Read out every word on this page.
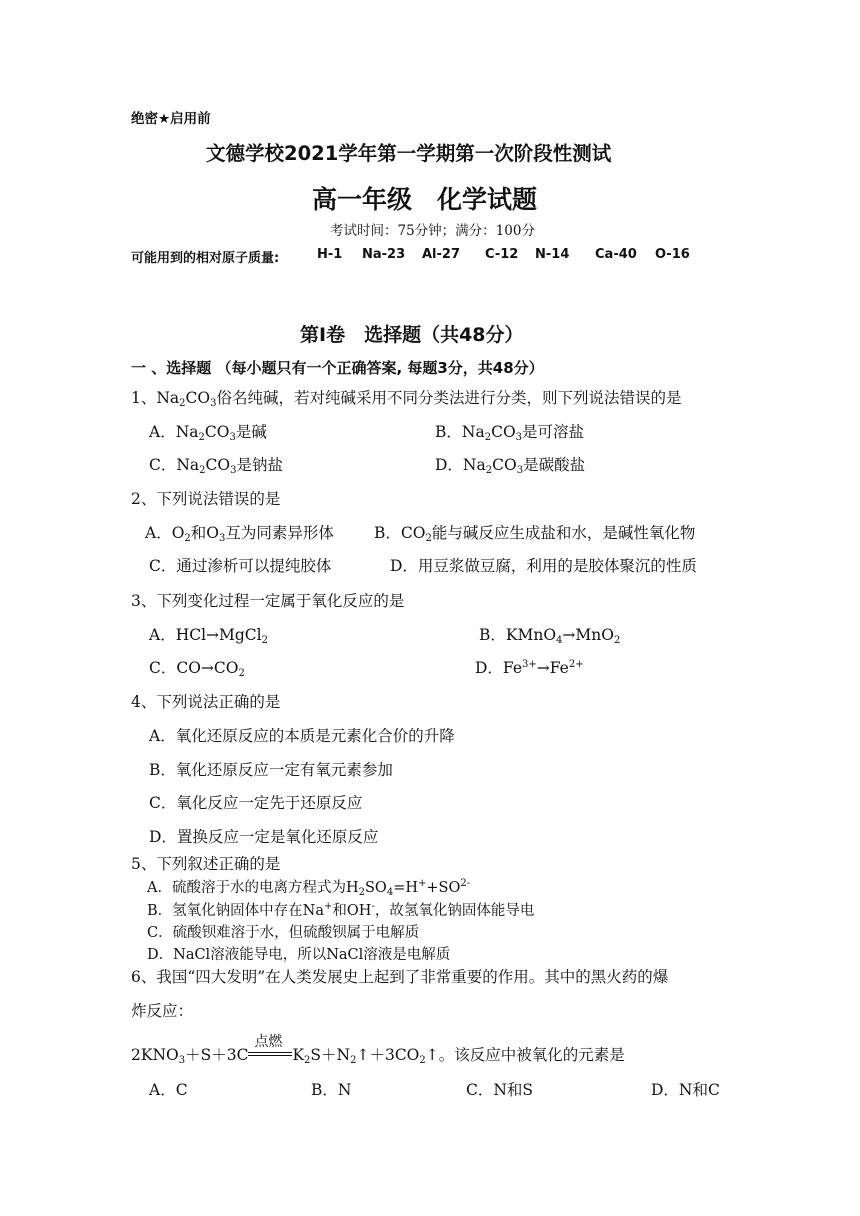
绝密★启用前
文德学校2021学年第一学期第一次阶段性测试
高一年级　化学试题
考试时间：75分钟；满分：100分
可能用到的相对原子质量:	H-1 Na-23 Al-27 C-12 N-14 Ca-40 O-16
第I卷　选择题（共48分）
一 、选择题 （每小题只有一个正确答案, 每题3分，共48分）
1、$Na_2CO_3$俗名纯碱，若对纯碱采用不同分类法进行分类，则下列说法错误的是
A．$Na_2CO_3$是碱	B．$Na_2CO_3$是可溶盐
C．$Na_2CO_3$是钠盐	D．$Na_2CO_3$是碳酸盐
2、下列说法错误的是
A．$O_2$和$O_3$互为同素异形体	B．$CO_2$能与碱反应生成盐和水，是碱性氧化物
C．通过渗析可以提纯胶体	D．用豆浆做豆腐，利用的是胶体聚沉的性质
3、下列变化过程一定属于氧化反应的是
A．HCl→MgCl$_2$	B．KMnO$_4$→MnO$_2$
C．$CO\to CO_2$	D．$Fe^{3+}\to Fe^{2+}$
4、下列说法正确的是
A．氧化还原反应的本质是元素化合价的升降
B．氧化还原反应一定有氧元素参加
C．氧化反应一定先于还原反应
D．置换反应一定是氧化还原反应
5、下列叙述正确的是
A．硫酸溶于水的电离方程式为$H_2SO_4=H^++SO^{2-}$
B．氢氧化钠固体中存在Na+和OH-，故氢氧化钠固体能导电
C．硫酸钡难溶于水，但硫酸钡属于电解质
D．NaCl溶液能导电，所以NaCl溶液是电解质
6、我国“四大发明”在人类发展史上起到了非常重要的作用。其中的黑火药的爆
炸反应：
$2KNO_3+S+3C$
点燃
$K_2S+N_2↑+3CO_2↑$。该反应中被氧化的元素是
A．C	B．N	C．N和S	D．N和C
